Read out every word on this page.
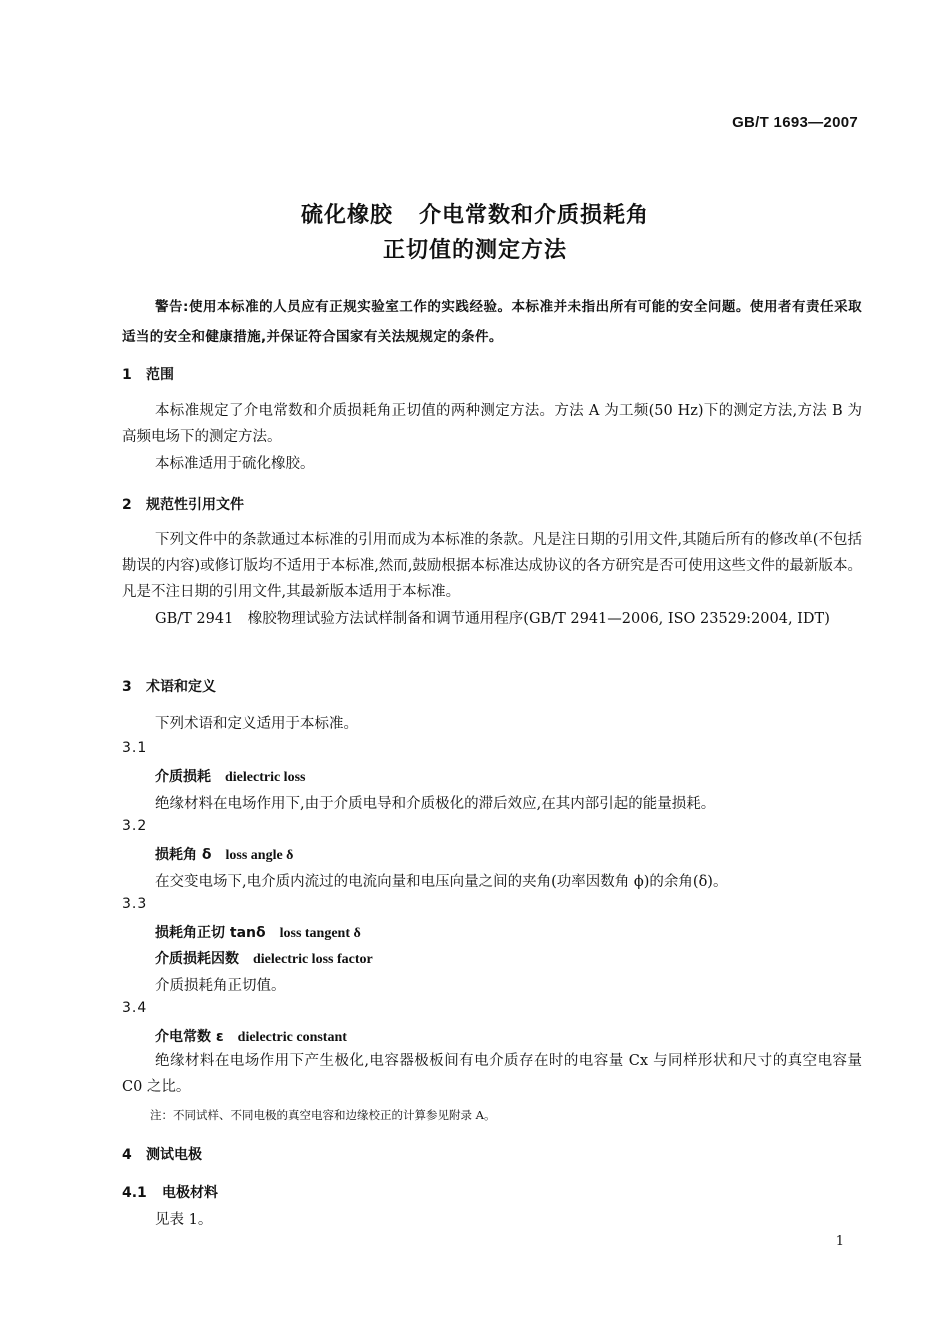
GB/T 1693—2007
硫化橡胶 介电常数和介质损耗角
正切值的测定方法
警告:使用本标准的人员应有正规实验室工作的实践经验。本标准并未指出所有可能的安全问题。使用者有责任采取适当的安全和健康措施,并保证符合国家有关法规规定的条件。
1 范围
本标准规定了介电常数和介质损耗角正切值的两种测定方法。方法 A 为工频(50 Hz)下的测定方法,方法 B 为高频电场下的测定方法。
本标准适用于硫化橡胶。
2 规范性引用文件
下列文件中的条款通过本标准的引用而成为本标准的条款。凡是注日期的引用文件,其随后所有的修改单(不包括勘误的内容)或修订版均不适用于本标准,然而,鼓励根据本标准达成协议的各方研究是否可使用这些文件的最新版本。凡是不注日期的引用文件,其最新版本适用于本标准。
GB/T 2941　橡胶物理试验方法试样制备和调节通用程序(GB/T 2941—2006, ISO 23529:2004, IDT)
3 术语和定义
下列术语和定义适用于本标准。
3.1
介质损耗 dielectric loss
绝缘材料在电场作用下,由于介质电导和介质极化的滞后效应,在其内部引起的能量损耗。
3.2
损耗角 δ loss angle δ
在交变电场下,电介质内流过的电流向量和电压向量之间的夹角(功率因数角 ϕ)的余角(δ)。
3.3
损耗角正切 tanδ loss tangent δ
介质损耗因数 dielectric loss factor
介质损耗角正切值。
3.4
介电常数 ε dielectric constant
绝缘材料在电场作用下产生极化,电容器极板间有电介质存在时的电容量 Cx 与同样形状和尺寸的真空电容量 C0 之比。
注：不同试样、不同电极的真空电容和边缘校正的计算参见附录 A。
4 测试电极
4.1 电极材料
见表 1。
1
